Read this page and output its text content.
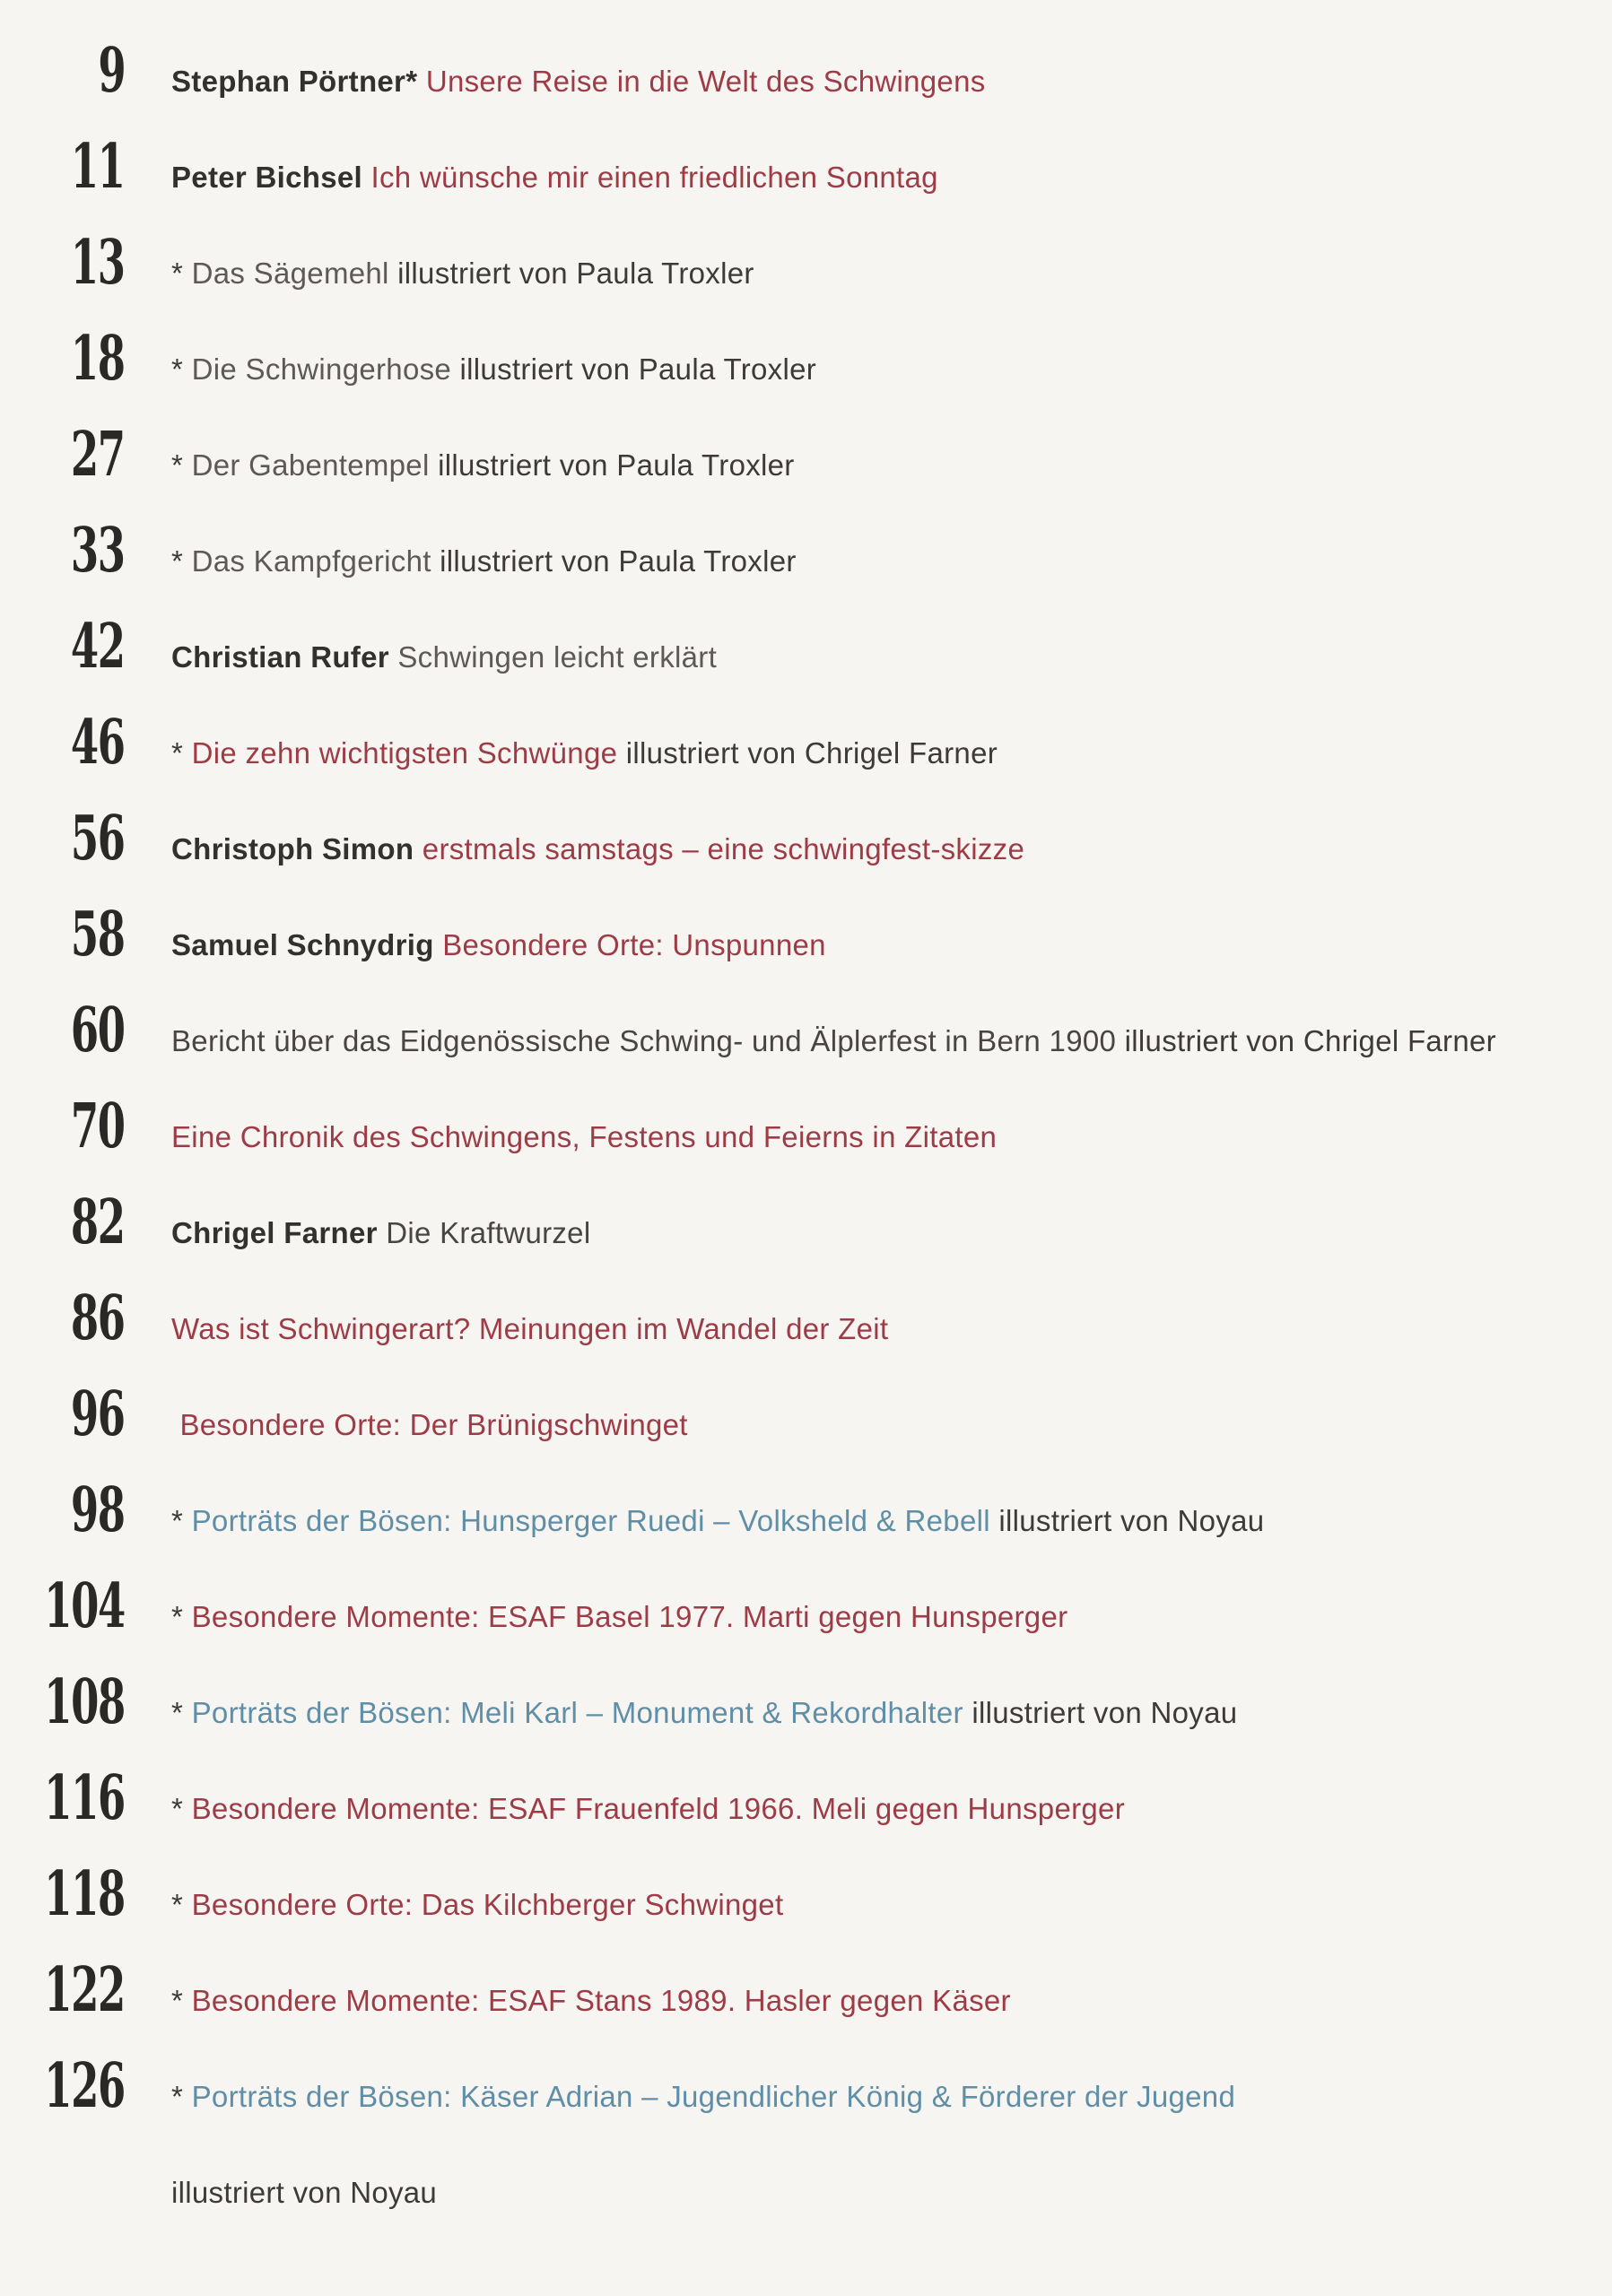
9 Stephan Pörtner* Unsere Reise in die Welt des Schwingens
11 Peter Bichsel Ich wünsche mir einen friedlichen Sonntag
13 * Das Sägemehl illustriert von Paula Troxler
18 * Die Schwingerhose illustriert von Paula Troxler
27 * Der Gabentempel illustriert von Paula Troxler
33 * Das Kampfgericht illustriert von Paula Troxler
42 Christian Rufer Schwingen leicht erklärt
46 * Die zehn wichtigsten Schwünge illustriert von Chrigel Farner
56 Christoph Simon erstmals samstags – eine schwingfest-skizze
58 Samuel Schnydrig Besondere Orte: Unspunnen
60 Bericht über das Eidgenössische Schwing- und Älplerfest in Bern 1900 illustriert von Chrigel Farner
70 Eine Chronik des Schwingens, Festens und Feierns in Zitaten
82 Chrigel Farner Die Kraftwurzel
86 Was ist Schwingerart? Meinungen im Wandel der Zeit
96 Besondere Orte: Der Brünigschwinget
98 * Porträts der Bösen: Hunsperger Ruedi – Volksheld & Rebell illustriert von Noyau
104 * Besondere Momente: ESAF Basel 1977. Marti gegen Hunsperger
108 * Porträts der Bösen: Meli Karl – Monument & Rekordhalter illustriert von Noyau
116 * Besondere Momente: ESAF Frauenfeld 1966. Meli gegen Hunsperger
118 * Besondere Orte: Das Kilchberger Schwinget
122 * Besondere Momente: ESAF Stans 1989. Hasler gegen Käser
126 * Porträts der Bösen: Käser Adrian – Jugendlicher König & Förderer der Jugend
illustriert von Noyau
